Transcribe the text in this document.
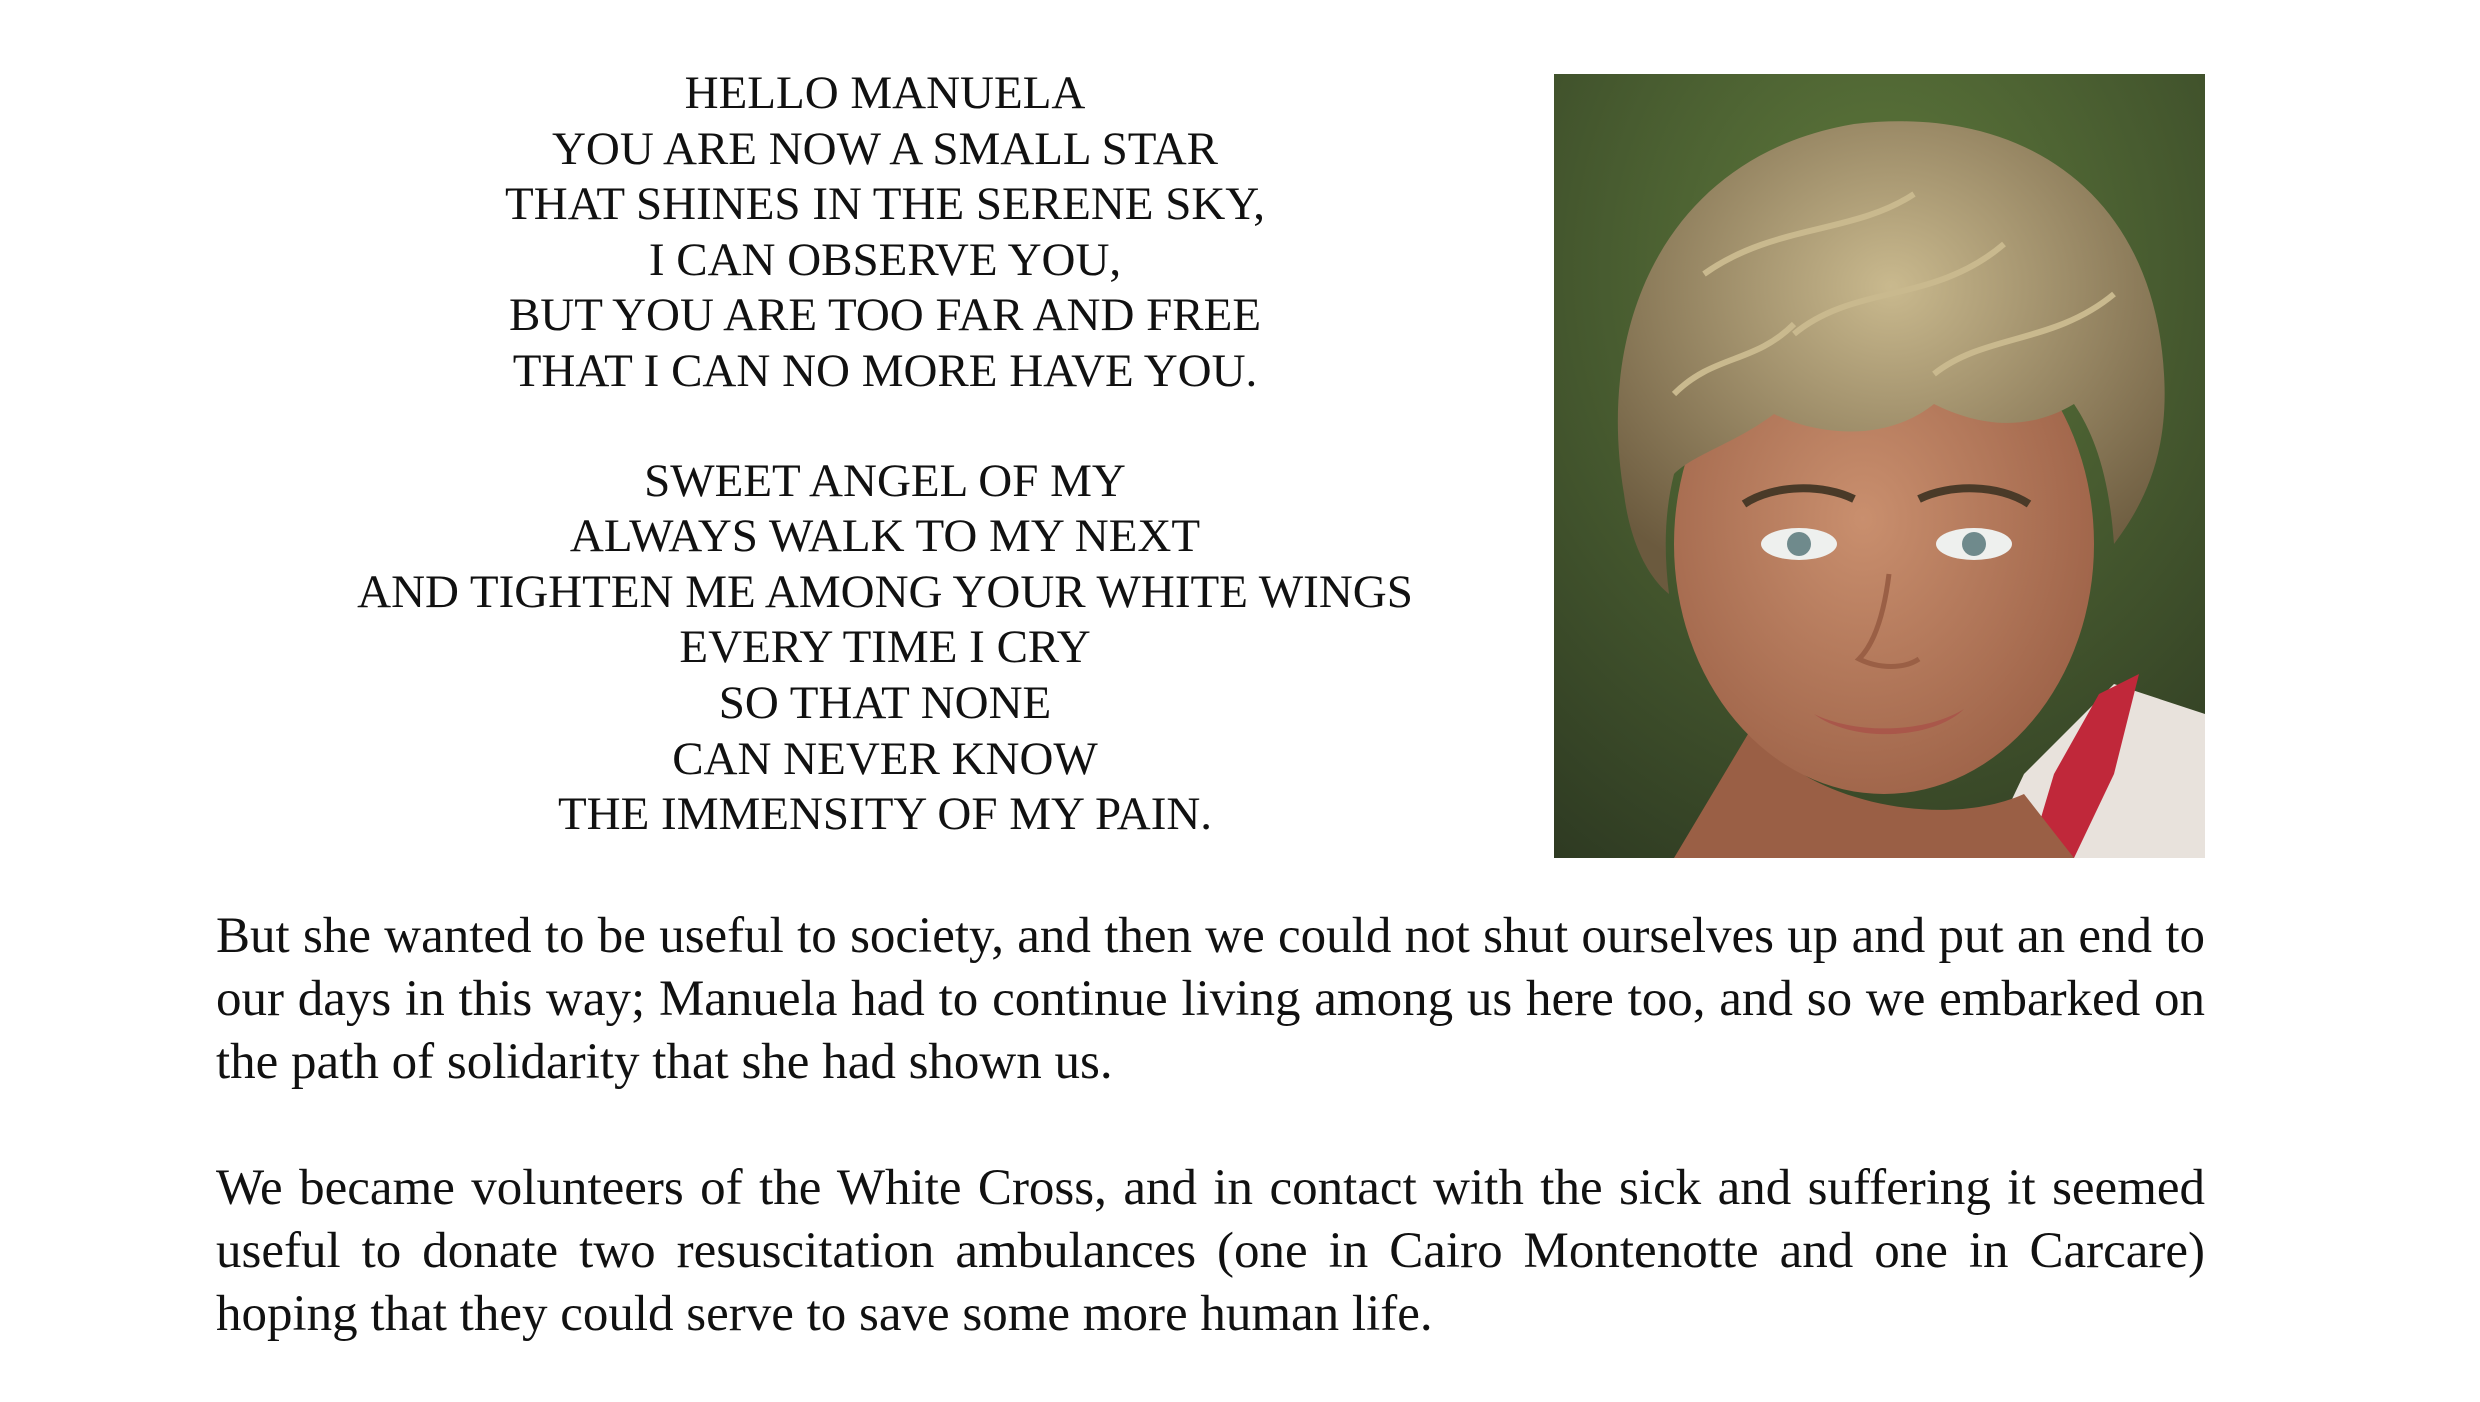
HELLO MANUELA
YOU ARE NOW A SMALL STAR
THAT SHINES IN THE SERENE SKY,
I CAN OBSERVE YOU,
BUT YOU ARE TOO FAR AND FREE
THAT I CAN NO MORE HAVE YOU.
SWEET ANGEL OF MY
ALWAYS WALK TO MY NEXT
AND TIGHTEN ME AMONG YOUR WHITE WINGS
EVERY TIME I CRY
SO THAT NONE
CAN NEVER KNOW
THE IMMENSITY OF MY PAIN.

But she wanted to be useful to society, and then we could not shut ourselves up and put an end to our days in this way; Manuela had to continue living among us here too, and so we embarked on the path of solidarity that she had shown us.

We became volunteers of the White Cross, and in contact with the sick and suffering it seemed useful to donate two resuscitation ambulances (one in Cairo Montenotte and one in Carcare) hoping that they could serve to save some more human life.
